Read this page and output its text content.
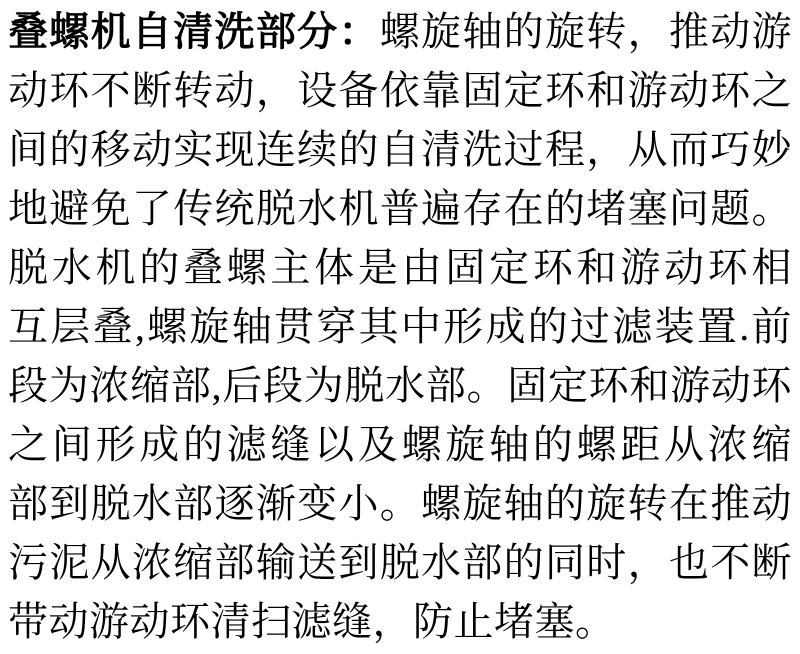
叠螺机自清洗部分：螺旋轴的旋转，推动游
动环不断转动，设备依靠固定环和游动环之
间的移动实现连续的自清洗过程，从而巧妙
地避免了传统脱水机普遍存在的堵塞问题。
脱水机的叠螺主体是由固定环和游动环相
互层叠,螺旋轴贯穿其中形成的过滤装置.前
段为浓缩部,后段为脱水部。固定环和游动环
之间形成的滤缝以及螺旋轴的螺距从浓缩
部到脱水部逐渐变小。螺旋轴的旋转在推动
污泥从浓缩部输送到脱水部的同时，也不断
带动游动环清扫滤缝，防止堵塞。
